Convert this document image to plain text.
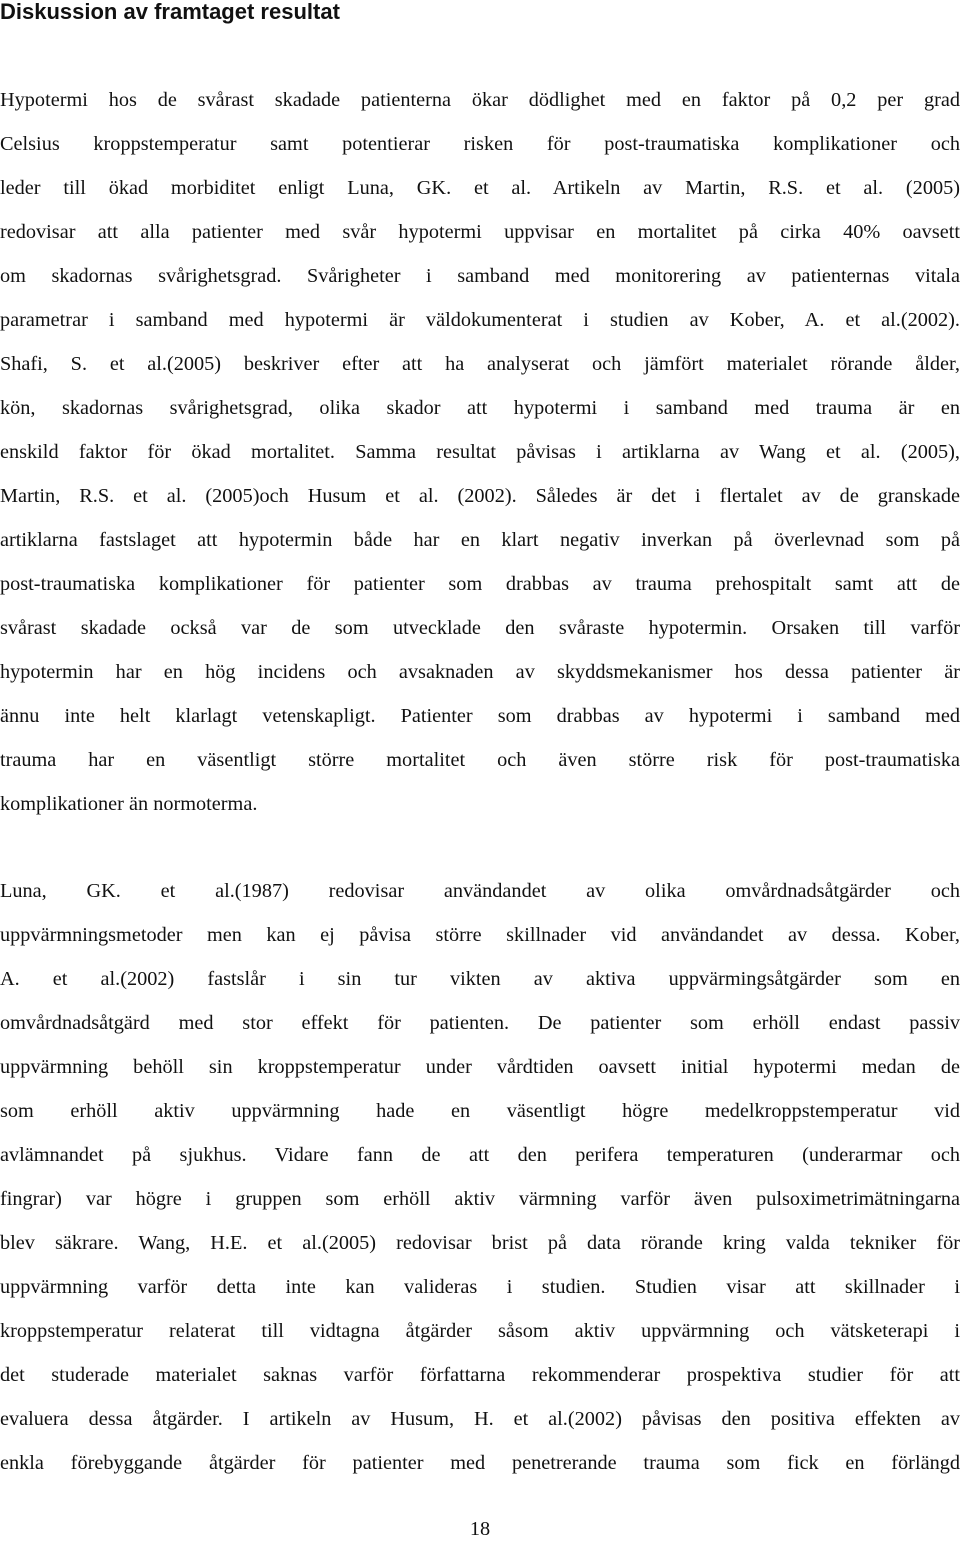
Diskussion av framtaget resultat
Hypotermi hos de svårast skadade patienterna ökar dödlighet med en faktor på 0,2 per grad
Celsius kroppstemperatur samt potentierar risken för post-traumatiska komplikationer och
leder till ökad morbiditet enligt Luna, GK. et al. Artikeln av Martin, R.S. et al. (2005)
redovisar att alla patienter med svår hypotermi uppvisar en mortalitet på cirka 40% oavsett
om skadornas svårighetsgrad. Svårigheter i samband med monitorering av patienternas vitala
parametrar i samband med hypotermi är väldokumenterat i studien av Kober, A. et al.(2002).
Shafi, S. et al.(2005) beskriver efter att ha analyserat och jämfört materialet rörande ålder,
kön, skadornas svårighetsgrad, olika skador att hypotermi i samband med trauma är en
enskild faktor för ökad mortalitet. Samma resultat påvisas i artiklarna av Wang et al. (2005),
Martin, R.S. et al. (2005)och Husum et al. (2002). Således är det i flertalet av de granskade
artiklarna fastslaget att hypotermin både har en klart negativ inverkan på överlevnad som på
post-traumatiska komplikationer för patienter som drabbas av trauma prehospitalt samt att de
svårast skadade också var de som utvecklade den svåraste hypotermin. Orsaken till varför
hypotermin har en hög incidens och avsaknaden av skyddsmekanismer hos dessa patienter är
ännu inte helt klarlagt vetenskapligt. Patienter som drabbas av hypotermi i samband med
trauma har en väsentligt större mortalitet och även större risk för post-traumatiska
komplikationer än normoterma.
Luna, GK. et al.(1987) redovisar användandet av olika omvårdnadsåtgärder och
uppvärmningsmetoder men kan ej påvisa större skillnader vid användandet av dessa. Kober,
A. et al.(2002) fastslår i sin tur vikten av aktiva uppvärmingsåtgärder som en
omvårdnadsåtgärd med stor effekt för patienten. De patienter som erhöll endast passiv
uppvärmning behöll sin kroppstemperatur under vårdtiden oavsett initial hypotermi medan de
som erhöll aktiv uppvärmning hade en väsentligt högre medelkroppstemperatur vid
avlämnandet på sjukhus. Vidare fann de att den perifera temperaturen (underarmar och
fingrar) var högre i gruppen som erhöll aktiv värmning varför även pulsoximetrimätningarna
blev säkrare. Wang, H.E. et al.(2005) redovisar brist på data rörande kring valda tekniker för
uppvärmning varför detta inte kan valideras i studien. Studien visar att skillnader i
kroppstemperatur relaterat till vidtagna åtgärder såsom aktiv uppvärmning och vätsketerapi i
det studerade materialet saknas varför författarna rekommenderar prospektiva studier för att
evaluera dessa åtgärder. I artikeln av Husum, H. et al.(2002) påvisas den positiva effekten av
enkla förebyggande åtgärder för patienter med penetrerande trauma som fick en förlängd
18
